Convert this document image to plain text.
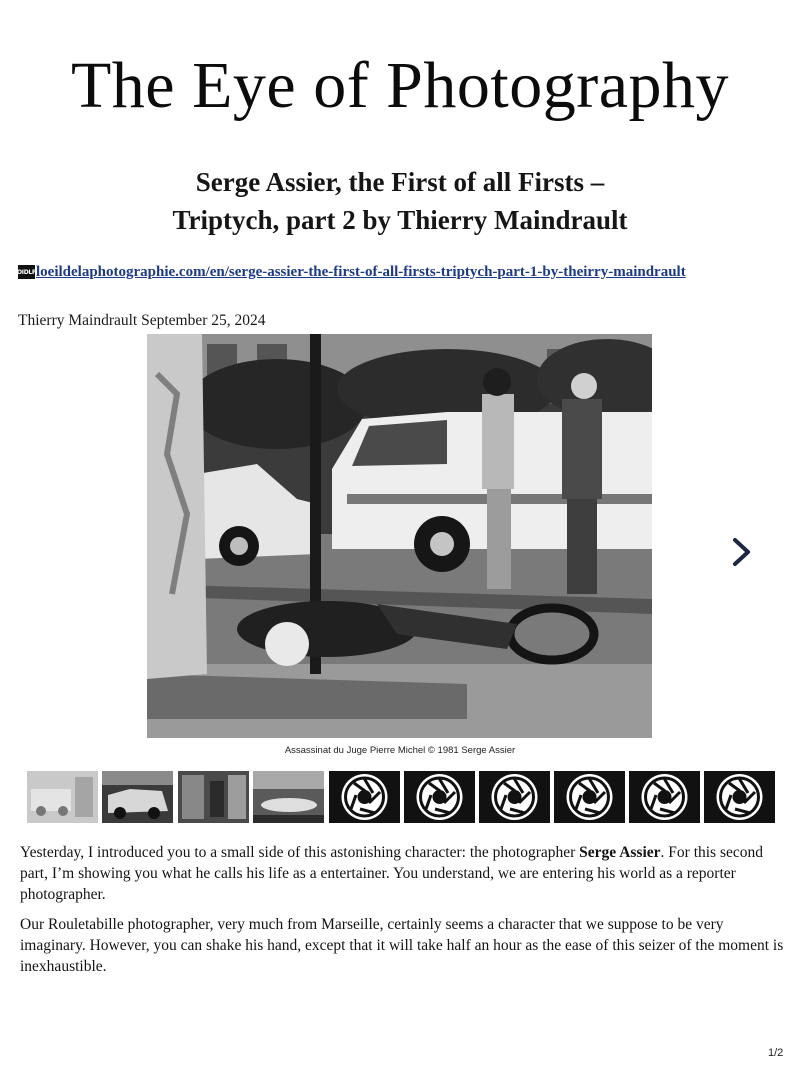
The Eye of Photography
Serge Assier, the First of all Firsts –
Triptych, part 2 by Thierry Maindrault
OIDLP loeildelaphotographie.com/en/serge-assier-the-first-of-all-firsts-triptych-part-1-by-theirry-maindrault
Thierry Maindrault September 25, 2024
Assassinat du Juge Pierre Michel © 1981 Serge Assier
Yesterday, I introduced you to a small side of this astonishing character: the photographer Serge Assier. For this second part, I’m showing you what he calls his life as a entertainer. You understand, we are entering his world as a reporter photographer.
Our Rouletabille photographer, very much from Marseille, certainly seems a character that we suppose to be very imaginary. However, you can shake his hand, except that it will take half an hour as the ease of this seizer of the moment is inexhaustible.
1/2
